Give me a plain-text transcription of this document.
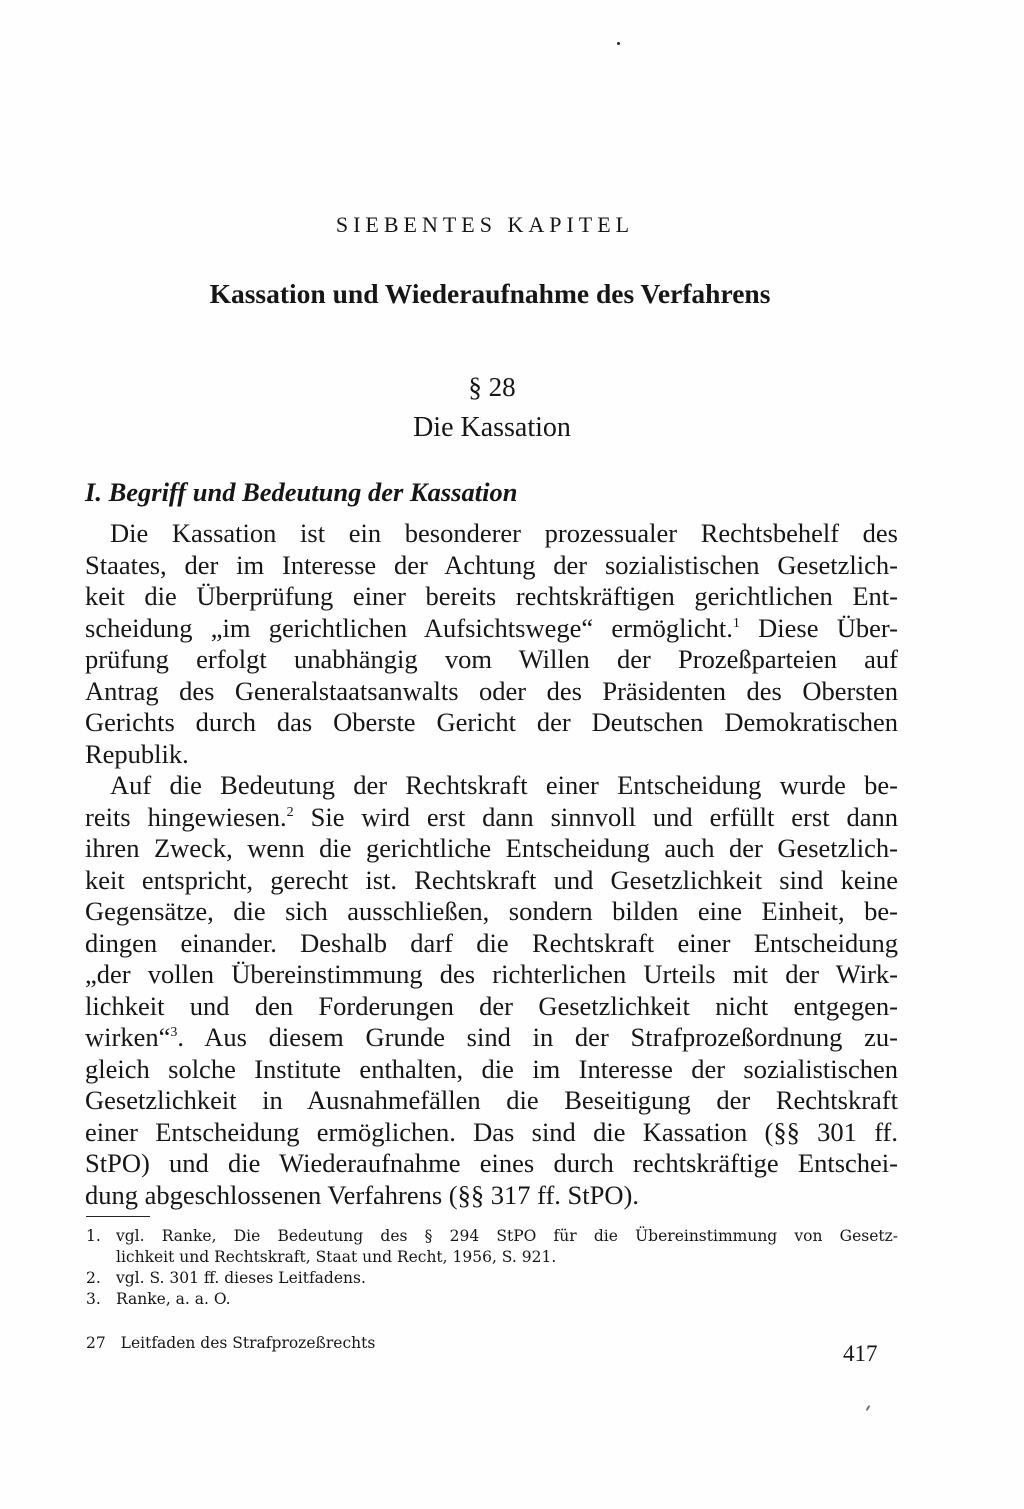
SIEBENTES KAPITEL
Kassation und Wiederaufnahme des Verfahrens
§ 28
Die Kassation
I. Begriff und Bedeutung der Kassation
Die Kassation ist ein besonderer prozessualer Rechtsbehelf des
Staates, der im Interesse der Achtung der sozialistischen Gesetzlich-
keit die Überprüfung einer bereits rechtskräftigen gerichtlichen Ent-
scheidung „im gerichtlichen Aufsichtswege“ ermöglicht.$^1$ Diese Über-
prüfung erfolgt unabhängig vom Willen der Prozeßparteien auf
Antrag des Generalstaatsanwalts oder des Präsidenten des Obersten
Gerichts durch das Oberste Gericht der Deutschen Demokratischen
Republik.
Auf die Bedeutung der Rechtskraft einer Entscheidung wurde be-
reits hingewiesen.$^2$ Sie wird erst dann sinnvoll und erfüllt erst dann
ihren Zweck, wenn die gerichtliche Entscheidung auch der Gesetzlich-
keit entspricht, gerecht ist. Rechtskraft und Gesetzlichkeit sind keine
Gegensätze, die sich ausschließen, sondern bilden eine Einheit, be-
dingen einander. Deshalb darf die Rechtskraft einer Entscheidung
„der vollen Übereinstimmung des richterlichen Urteils mit der Wirk-
lichkeit und den Forderungen der Gesetzlichkeit nicht entgegen-
wirken“$^3$. Aus diesem Grunde sind in der Strafprozeßordnung zu-
gleich solche Institute enthalten, die im Interesse der sozialistischen
Gesetzlichkeit in Ausnahmefällen die Beseitigung der Rechtskraft
einer Entscheidung ermöglichen. Das sind die Kassation (§§ 301 ff.
StPO) und die Wiederaufnahme eines durch rechtskräftige Entschei-
dung abgeschlossenen Verfahrens (§§ 317 ff. StPO).
1. vgl. Ranke, Die Bedeutung des § 294 StPO für die Übereinstimmung von Gesetz-
lichkeit und Rechtskraft, Staat und Recht, 1956, S. 921.
2. vgl. S. 301 ff. dieses Leitfadens.
3. Ranke, a. a. O.
27 Leitfaden des Strafprozeßrechts	417
